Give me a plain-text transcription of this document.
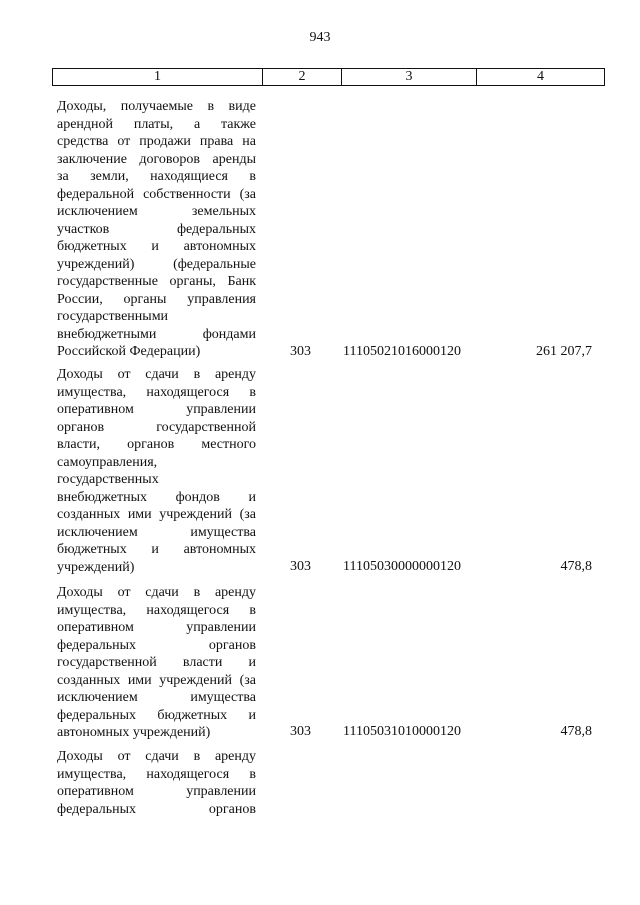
943
1	2	3	4
Доходы, получаемые в виде
арендной платы, а также
средства от продажи права на
заключение договоров аренды
за земли, находящиеся в
федеральной собственности (за
исключением земельных
участков федеральных
бюджетных и автономных
учреждений) (федеральные
государственные органы, Банк
России, органы управления
государственными
внебюджетными фондами
Российской Федерации)	303 11105021016000120	261 207,7
Доходы от сдачи в аренду
имущества, находящегося в
оперативном управлении
органов государственной
власти, органов местного
самоуправления,
государственных
внебюджетных фондов и
созданных ими учреждений (за
исключением имущества
бюджетных и автономных
учреждений)	303 11105030000000120	478,8
Доходы от сдачи в аренду
имущества, находящегося в
оперативном управлении
федеральных органов
государственной власти и
созданных ими учреждений (за
исключением имущества
федеральных бюджетных и
автономных учреждений)	303 11105031010000120	478,8
Доходы от сдачи в аренду
имущества, находящегося в
оперативном управлении
федеральных органов
